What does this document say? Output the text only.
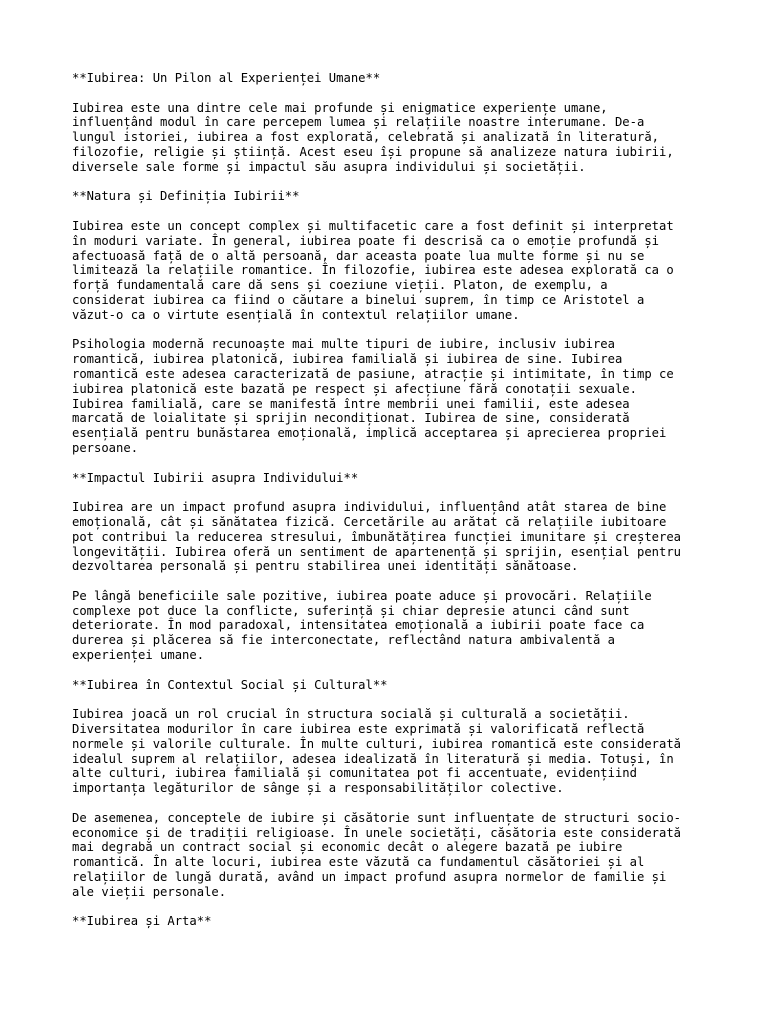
**Iubirea: Un Pilon al Experienței Umane**
Iubirea este una dintre cele mai profunde și enigmatice experiențe umane,
influențând modul în care percepem lumea și relațiile noastre interumane. De-a
lungul istoriei, iubirea a fost explorată, celebrată și analizată în literatură,
filozofie, religie și știință. Acest eseu își propune să analizeze natura iubirii,
diversele sale forme și impactul său asupra individului și societății.
**Natura și Definiția Iubirii**
Iubirea este un concept complex și multifacetic care a fost definit și interpretat
în moduri variate. În general, iubirea poate fi descrisă ca o emoție profundă și
afectuoasă față de o altă persoană, dar aceasta poate lua multe forme și nu se
limitează la relațiile romantice. În filozofie, iubirea este adesea explorată ca o
forță fundamentală care dă sens și coeziune vieții. Platon, de exemplu, a
considerat iubirea ca fiind o căutare a binelui suprem, în timp ce Aristotel a
văzut-o ca o virtute esențială în contextul relațiilor umane.
Psihologia modernă recunoaște mai multe tipuri de iubire, inclusiv iubirea
romantică, iubirea platonică, iubirea familială și iubirea de sine. Iubirea
romantică este adesea caracterizată de pasiune, atracție și intimitate, în timp ce
iubirea platonică este bazată pe respect și afecțiune fără conotații sexuale.
Iubirea familială, care se manifestă între membrii unei familii, este adesea
marcată de loialitate și sprijin necondiționat. Iubirea de sine, considerată
esențială pentru bunăstarea emoțională, implică acceptarea și aprecierea propriei
persoane.
**Impactul Iubirii asupra Individului**
Iubirea are un impact profund asupra individului, influențând atât starea de bine
emoțională, cât și sănătatea fizică. Cercetările au arătat că relațiile iubitoare
pot contribui la reducerea stresului, îmbunătățirea funcției imunitare și creșterea
longevității. Iubirea oferă un sentiment de apartenență și sprijin, esențial pentru
dezvoltarea personală și pentru stabilirea unei identități sănătoase.
Pe lângă beneficiile sale pozitive, iubirea poate aduce și provocări. Relațiile
complexe pot duce la conflicte, suferință și chiar depresie atunci când sunt
deteriorate. În mod paradoxal, intensitatea emoțională a iubirii poate face ca
durerea și plăcerea să fie interconectate, reflectând natura ambivalentă a
experienței umane.
**Iubirea în Contextul Social și Cultural**
Iubirea joacă un rol crucial în structura socială și culturală a societății.
Diversitatea modurilor în care iubirea este exprimată și valorificată reflectă
normele și valorile culturale. În multe culturi, iubirea romantică este considerată
idealul suprem al relațiilor, adesea idealizată în literatură și media. Totuși, în
alte culturi, iubirea familială și comunitatea pot fi accentuate, evidențiind
importanța legăturilor de sânge și a responsabilităților colective.
De asemenea, conceptele de iubire și căsătorie sunt influențate de structuri socio-
economice și de tradiții religioase. În unele societăți, căsătoria este considerată
mai degrabă un contract social și economic decât o alegere bazată pe iubire
romantică. În alte locuri, iubirea este văzută ca fundamentul căsătoriei și al
relațiilor de lungă durată, având un impact profund asupra normelor de familie și
ale vieții personale.
**Iubirea și Arta**
